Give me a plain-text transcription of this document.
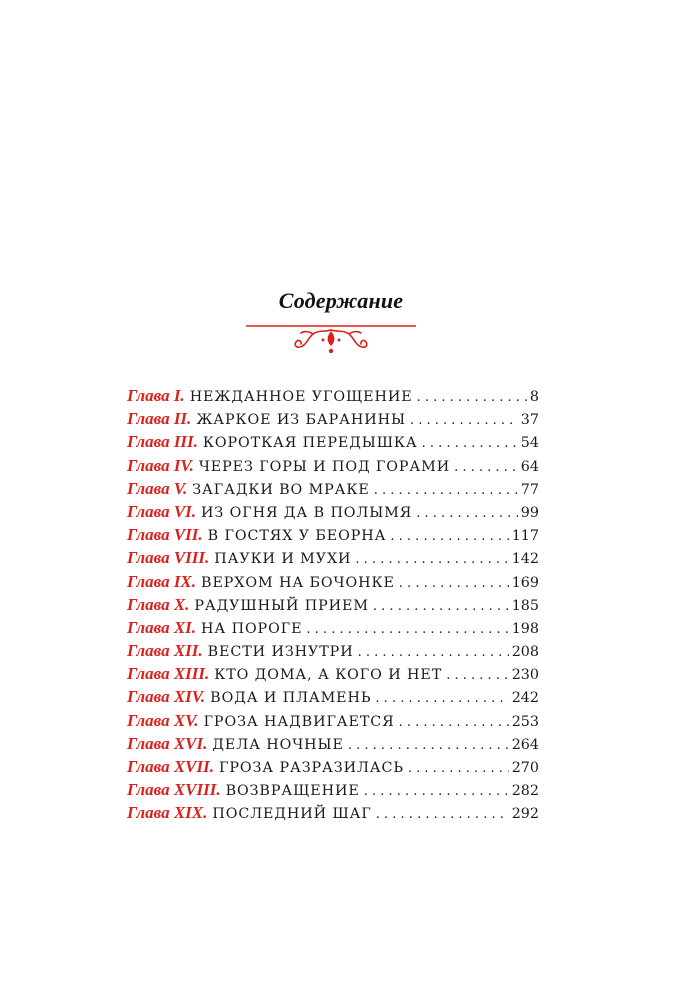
Содержание
Глава I. НЕЖДАННОЕ УГОЩЕНИЕ . . .	8
Глава II. ЖАРКОЕ ИЗ БАРАНИНЫ . . .	37
Глава III. КОРОТКАЯ ПЕРЕДЫШКА . . .	54
Глава IV. ЧЕРЕЗ ГОРЫ И ПОД ГОРАМИ . . .	64
Глава V. ЗАГАДКИ ВО МРАКЕ . . .	77
Глава VI. ИЗ ОГНЯ ДА В ПОЛЫМЯ . . .	99
Глава VII. В ГОСТЯХ У БЕОРНА . . .	117
Глава VIII. ПАУКИ И МУХИ . . .	142
Глава IX. ВЕРХОМ НА БОЧОНКЕ . . .	169
Глава X. РАДУШНЫЙ ПРИЕМ . . .	185
Глава XI. НА ПОРОГЕ . . .	198
Глава XII. ВЕСТИ ИЗНУТРИ . . .	208
Глава XIII. КТО ДОМА, А КОГО И НЕТ . . .	230
Глава XIV. ВОДА И ПЛАМЕНЬ . . .	242
Глава XV. ГРОЗА НАДВИГАЕТСЯ . . .	253
Глава XVI. ДЕЛА НОЧНЫЕ . . .	264
Глава XVII. ГРОЗА РАЗРАЗИЛАСЬ . . .	270
Глава XVIII. ВОЗВРАЩЕНИЕ . . .	282
Глава XIX. ПОСЛЕДНИЙ ШАГ . . .	292
